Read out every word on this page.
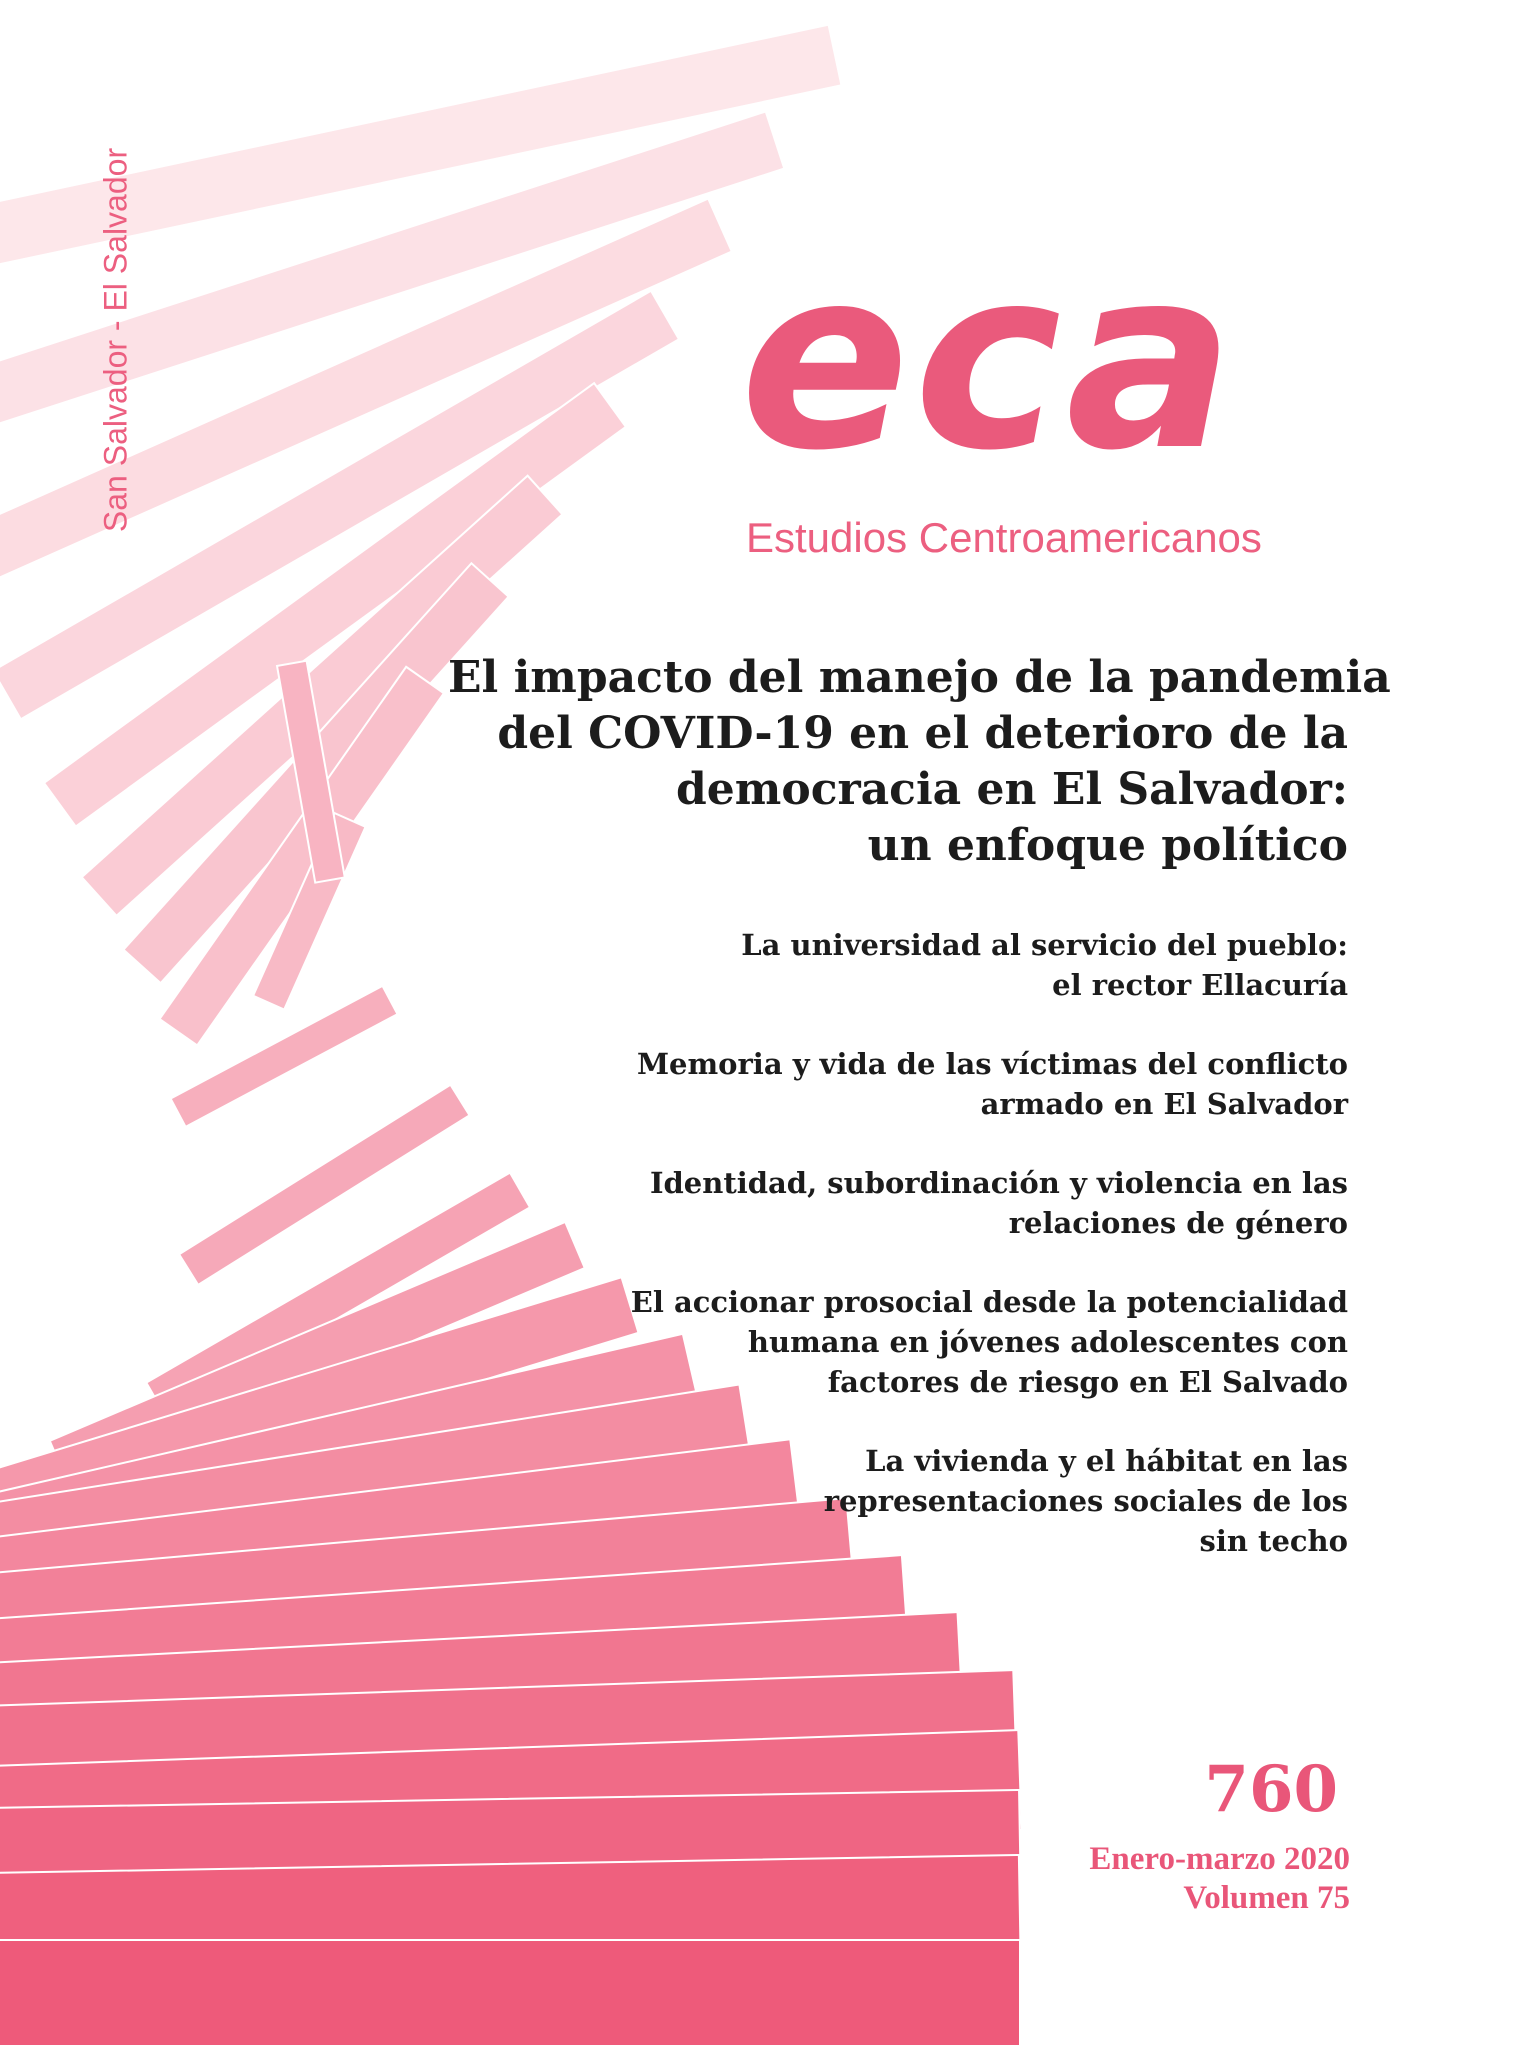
San Salvador - El Salvador eca
Estudios Centroamericanos
El impacto del manejo de la pandemia
del COVID-19 en el deterioro de la
democracia en El Salvador:
un enfoque político
La universidad al servicio del pueblo:
el rector Ellacuría
Memoria y vida de las víctimas del conflicto
armado en El Salvador
Identidad, subordinación y violencia en las
relaciones de género
El accionar prosocial desde la potencialidad
humana en jóvenes adolescentes con
factores de riesgo en El Salvado
La vivienda y el hábitat en las
representaciones sociales de los
sin techo
760
Enero-marzo 2020
Volumen 75
